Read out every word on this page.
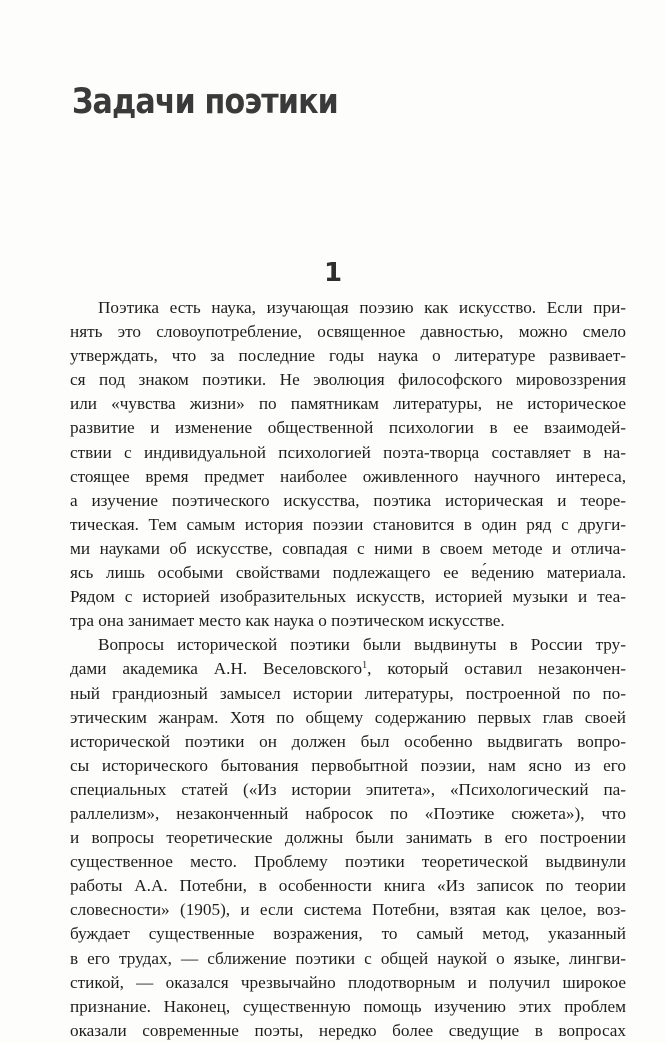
Задачи поэтики
1
Поэтика есть наука, изучающая поэзию как искусство. Если при-
нять это словоупотребление, освященное давностью, можно смело
утверждать, что за последние годы наука о литературе развивает-
ся под знаком поэтики. Не эволюция философского мировоззрения
или «чувства жизни» по памятникам литературы, не историческое
развитие и изменение общественной психологии в ее взаимодей-
ствии с индивидуальной психологией поэта-творца составляет в на-
стоящее время предмет наиболее оживленного научного интереса,
а изучение поэтического искусства, поэтика историческая и теоре-
тическая. Тем самым история поэзии становится в один ряд с други-
ми науками об искусстве, совпадая с ними в своем методе и отлича-
ясь лишь особыми свойствами подлежащего ее ве́дению материала.
Рядом с историей изобразительных искусств, историей музыки и теа-
тра она занимает место как наука о поэтическом искусстве.
Вопросы исторической поэтики были выдвинуты в России тру-
дами академика А.Н. Веселовского$^1$, который оставил незакончен-
ный грандиозный замысел истории литературы, построенной по по-
этическим жанрам. Хотя по общему содержанию первых глав своей
исторической поэтики он должен был особенно выдвигать вопро-
сы исторического бытования первобытной поэзии, нам ясно из его
специальных статей («Из истории эпитета», «Психологический па-
раллелизм», незаконченный набросок по «Поэтике сюжета»), что
и вопросы теоретические должны были занимать в его построении
существенное место. Проблему поэтики теоретической выдвинули
работы А.А. Потебни, в особенности книга «Из записок по теории
словесности» (1905), и если система Потебни, взятая как целое, воз-
буждает существенные возражения, то самый метод, указанный
в его трудах, — сближение поэтики с общей наукой о языке, лингви-
стикой, — оказался чрезвычайно плодотворным и получил широкое
признание. Наконец, существенную помощь изучению этих проблем
оказали современные поэты, нередко более сведущие в вопросах
